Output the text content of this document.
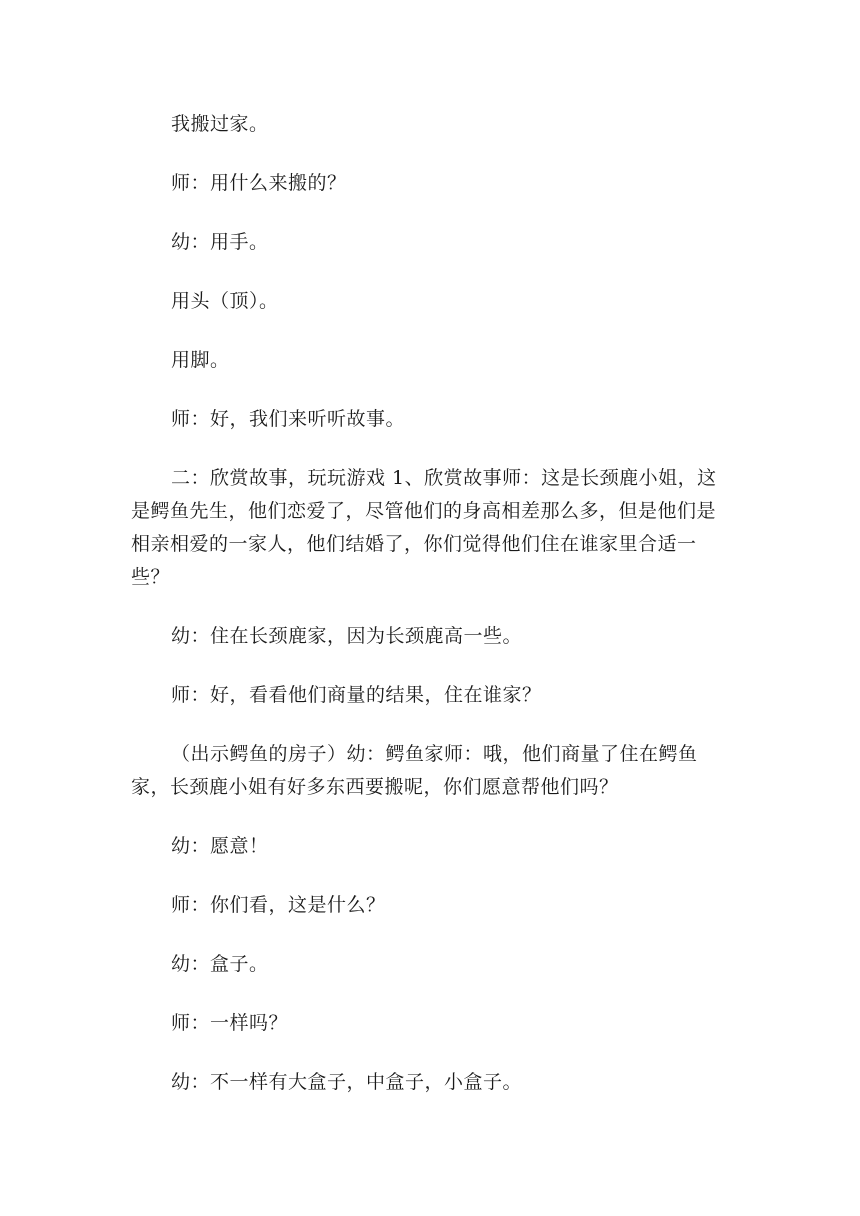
我搬过家。

师：用什么来搬的？

幼：用手。

用头（顶）。

用脚。

师：好，我们来听听故事。

二：欣赏故事，玩玩游戏 1、欣赏故事师：这是长颈鹿小姐，这是鳄鱼先生，他们恋爱了，尽管他们的身高相差那么多，但是他们是相亲相爱的一家人，他们结婚了，你们觉得他们住在谁家里合适一些？

幼：住在长颈鹿家，因为长颈鹿高一些。

师：好，看看他们商量的结果，住在谁家？

（出示鳄鱼的房子）幼：鳄鱼家师：哦，他们商量了住在鳄鱼家，长颈鹿小姐有好多东西要搬呢，你们愿意帮他们吗？

幼：愿意！

师：你们看，这是什么？

幼：盒子。

师：一样吗？

幼：不一样有大盒子，中盒子，小盒子。
